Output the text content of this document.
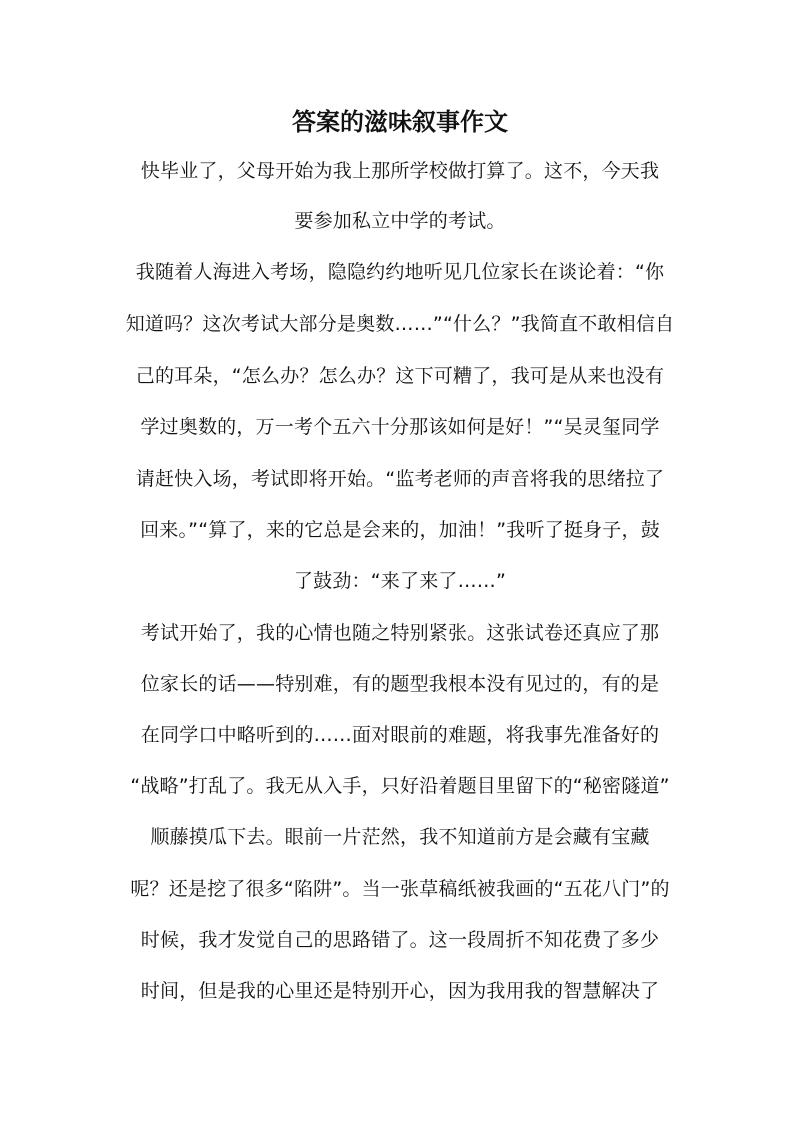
答案的滋味叙事作文
快毕业了，父母开始为我上那所学校做打算了。这不，今天我
要参加私立中学的考试。
我随着人海进入考场，隐隐约约地听见几位家长在谈论着：“你
知道吗？这次考试大部分是奥数……”“什么？”我简直不敢相信自
己的耳朵，“怎么办？怎么办？这下可糟了，我可是从来也没有
学过奥数的，万一考个五六十分那该如何是好！”“吴灵玺同学
请赶快入场，考试即将开始。“监考老师的声音将我的思绪拉了
回来。”“算了，来的它总是会来的，加油！”我听了挺身子，鼓
了鼓劲：“来了来了……”
考试开始了，我的心情也随之特别紧张。这张试卷还真应了那
位家长的话——特别难，有的题型我根本没有见过的，有的是
在同学口中略听到的……面对眼前的难题，将我事先准备好的
“战略”打乱了。我无从入手，只好沿着题目里留下的“秘密隧道”
顺藤摸瓜下去。眼前一片茫然，我不知道前方是会藏有宝藏
呢？还是挖了很多“陷阱”。当一张草稿纸被我画的“五花八门”的
时候，我才发觉自己的思路错了。这一段周折不知花费了多少
时间，但是我的心里还是特别开心，因为我用我的智慧解决了
